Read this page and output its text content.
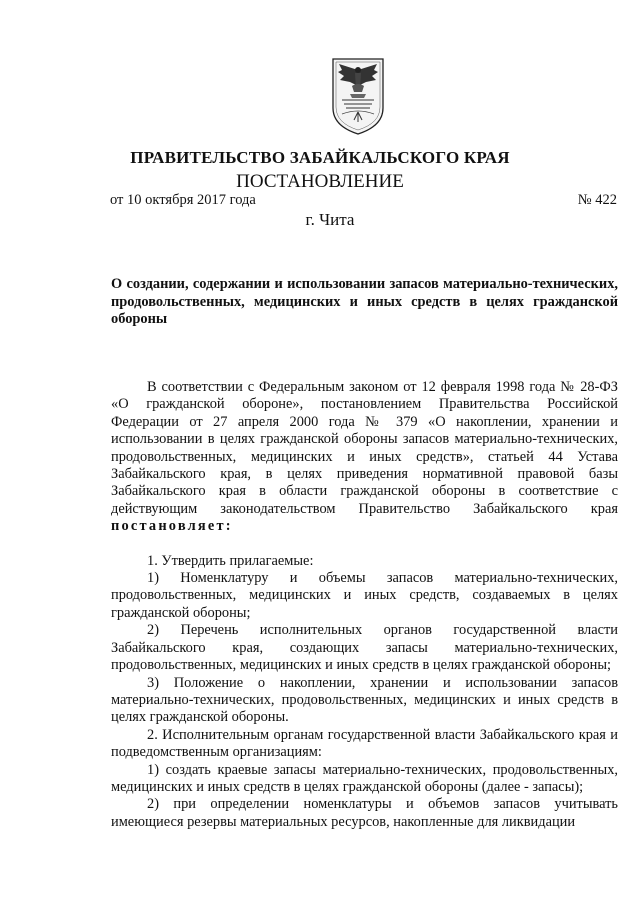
ПРАВИТЕЛЬСТВО ЗАБАЙКАЛЬСКОГО КРАЯ
ПОСТАНОВЛЕНИЕ
от 10 октября 2017 года	№ 422
г. Чита
О создании, содержании и использовании запасов материально-технических, продовольственных, медицинских и иных средств в целях гражданской обороны

В соответствии с Федеральным законом от 12 февраля 1998 года № 28-ФЗ «О гражданской обороне», постановлением Правительства Российской Федерации от 27 апреля 2000 года № 379 «О накоплении, хранении и использовании в целях гражданской обороны запасов материально-технических, продовольственных, медицинских и иных средств», статьей 44 Устава Забайкальского края, в целях приведения нормативной правовой базы Забайкальского края в области гражданской обороны в соответствие с действующим законодательством Правительство Забайкальского края постановляет:

1. Утвердить прилагаемые:

1) Номенклатуру и объемы запасов материально-технических, продовольственных, медицинских и иных средств, создаваемых в целях гражданской обороны;

2) Перечень исполнительных органов государственной власти Забайкальского края, создающих запасы материально-технических, продовольственных, медицинских и иных средств в целях гражданской обороны;

3) Положение о накоплении, хранении и использовании запасов материально-технических, продовольственных, медицинских и иных средств в целях гражданской обороны.

2. Исполнительным органам государственной власти Забайкальского края и подведомственным организациям:

1) создать краевые запасы материально-технических, продовольственных, медицинских и иных средств в целях гражданской обороны (далее - запасы);

2) при определении номенклатуры и объемов запасов учитывать имеющиеся резервы материальных ресурсов, накопленные для ликвидации
